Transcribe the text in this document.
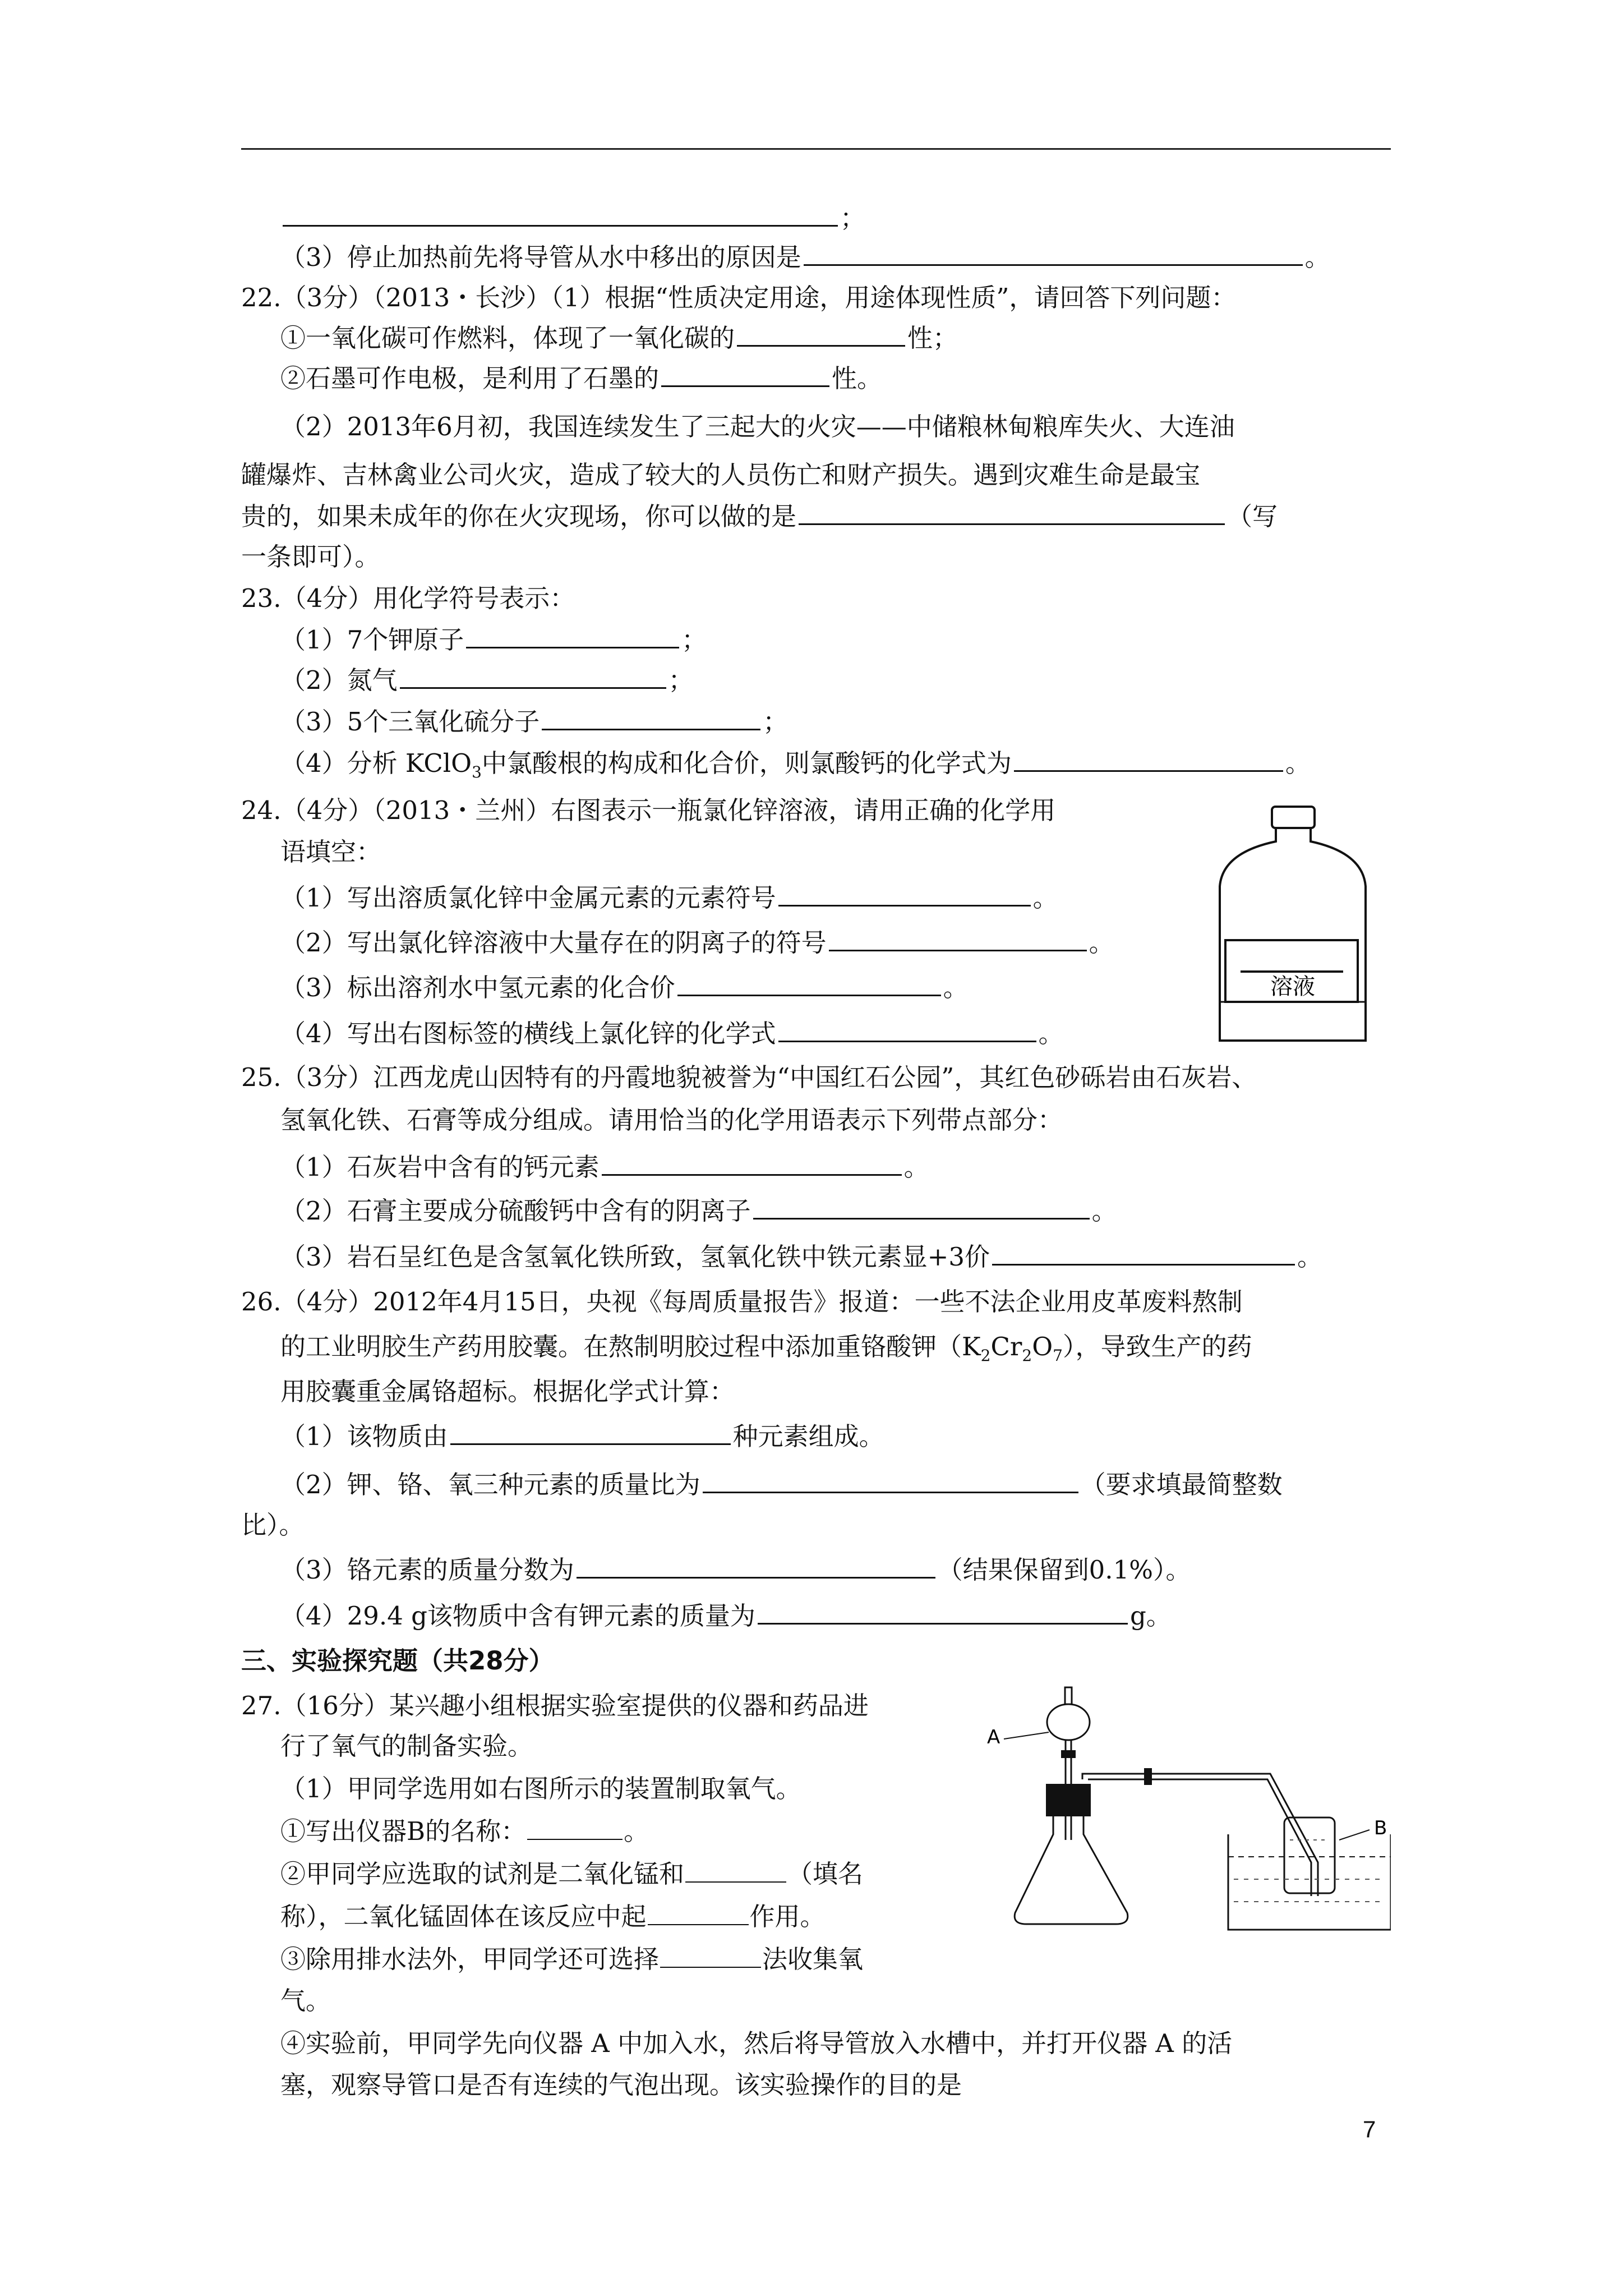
；
（3）停止加热前先将导管从水中移出的原因是	。
22.（3分）（2013・长沙）（1）根据“性质决定用途，用途体现性质”，请回答下列问题：
①一氧化碳可作燃料，体现了一氧化碳的	性；
②石墨可作电极，是利用了石墨的	性。
（2）2013年6月初，我国连续发生了三起大的火灾——中储粮林甸粮库失火、大连油
罐爆炸、吉林禽业公司火灾，造成了较大的人员伤亡和财产损失。遇到灾难生命是最宝
贵的，如果未成年的你在火灾现场，你可以做的是	（写
一条即可）。
23.（4分）用化学符号表示：
（1）7个钾原子	；
（2）氮气	；
（3）5个三氧化硫分子	；
（4）分析 KClO$_3$中氯酸根的构成和化合价，则氯酸钙的化学式为	。
24.（4分）（2013・兰州）右图表示一瓶氯化锌溶液，请用正确的化学用
语填空：
（1）写出溶质氯化锌中金属元素的元素符号	。
（2）写出氯化锌溶液中大量存在的阴离子的符号	。
（3）标出溶剂水中氢元素的化合价	。
（4）写出右图标签的横线上氯化锌的化学式	。
溶液
25.（3分）江西龙虎山因特有的丹霞地貌被誉为“中国红石公园”，其红色砂砾岩由石灰岩、
氢氧化铁、石膏等成分组成。请用恰当的化学用语表示下列带点部分：
（1）石灰岩中含有的钙元素	。
（2）石膏主要成分硫酸钙中含有的阴离子	。
（3）岩石呈红色是含氢氧化铁所致，氢氧化铁中铁元素显+3价	。
26.（4分）2012年4月15日，央视《每周质量报告》报道：一些不法企业用皮革废料熬制
的工业明胶生产药用胶囊。在熬制明胶过程中添加重铬酸钾$(K_2Cr_2O_7)$，导致生产的药
用胶囊重金属铬超标。根据化学式计算：
（1）该物质由	种元素组成。
（2）钾、铬、氧三种元素的质量比为	（要求填最简整数
比）。
（3）铬元素的质量分数为	（结果保留到0.1%）。
（4）29.4 g该物质中含有钾元素的质量为	g。
三、实验探究题（共28分）
27.（16分）某兴趣小组根据实验室提供的仪器和药品进
行了氧气的制备实验。
（1）甲同学选用如右图所示的装置制取氧气。
①写出仪器B的名称：	。
②甲同学应选取的试剂是二氧化锰和	（填名
称），二氧化锰固体在该反应中起	作用。
③除用排水法外，甲同学还可选择	法收集氧
气。
④实验前，甲同学先向仪器 A 中加入水，然后将导管放入水槽中，并打开仪器 A 的活
塞，观察导管口是否有连续的气泡出现。该实验操作的目的是
A
B
7
